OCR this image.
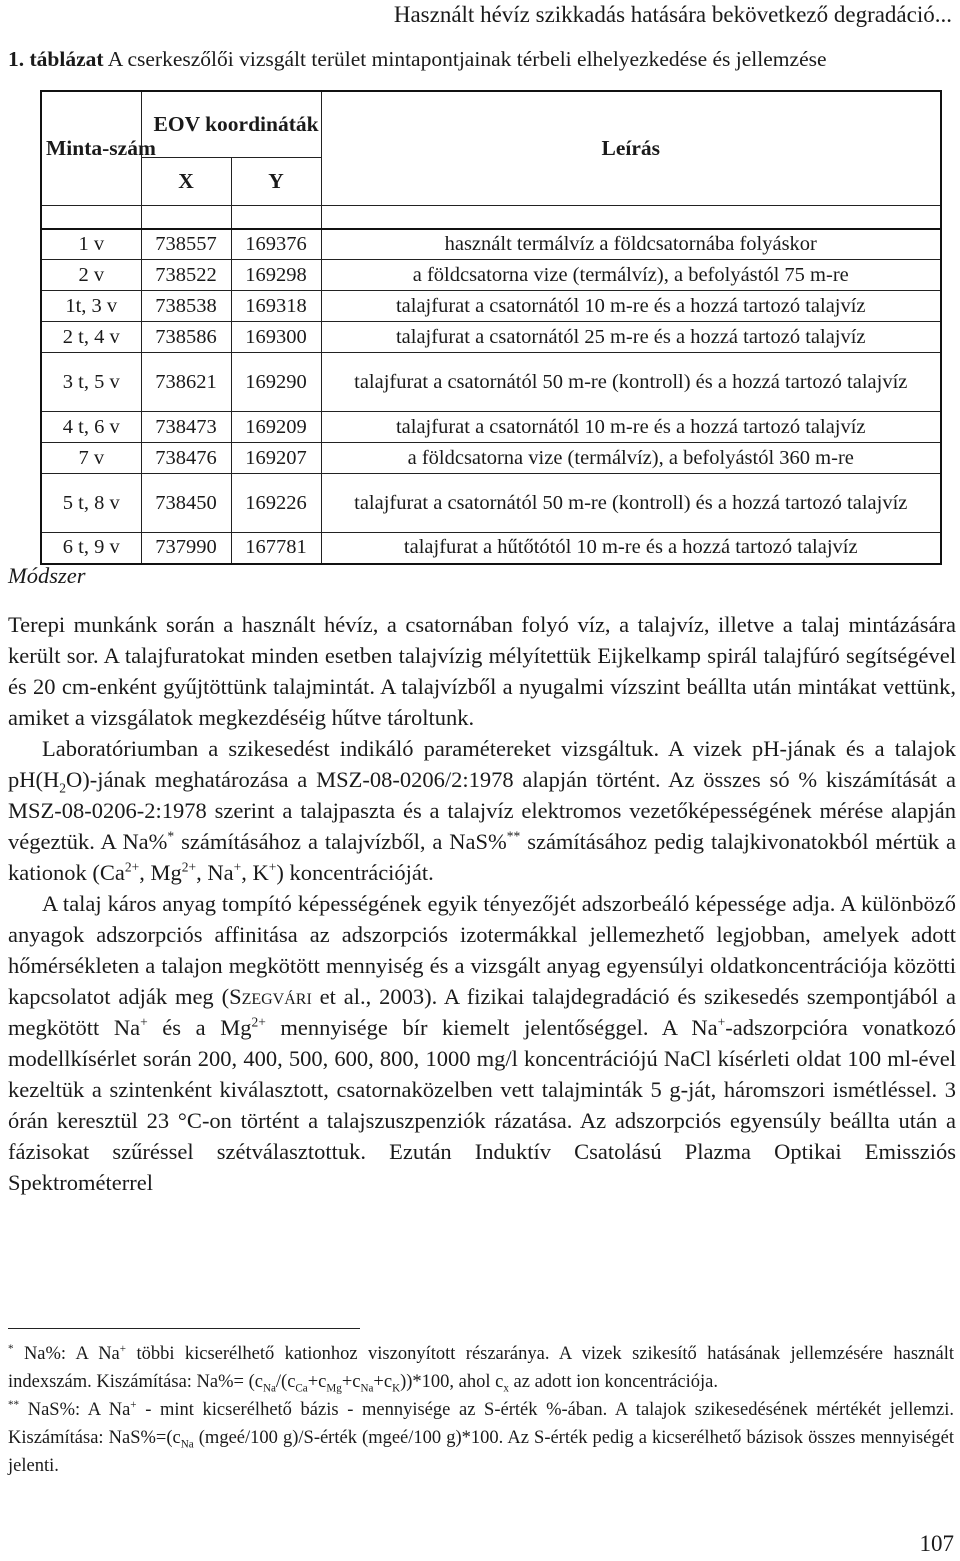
Használt hévíz szikkadás hatására bekövetkező degradáció...
1. táblázat A cserkeszőlői vizsgált terület mintapontjainak térbeli elhelyezkedése és jellemzése
Minta-szám	EOV koordináták		Leírás
	X	Y	

1 v	738557	169376	használt termálvíz a földcsatornába folyáskor
2 v	738522	169298	a földcsatorna vize (termálvíz), a befolyástól 75 m-re
1t, 3 v	738538	169318	talajfurat a csatornától 10 m-re és a hozzá tartozó talajvíz
2 t, 4 v	738586	169300	talajfurat a csatornától 25 m-re és a hozzá tartozó talajvíz
3 t, 5 v	738621	169290	talajfurat a csatornától 50 m-re (kontroll) és a hozzá tartozó talajvíz
4 t, 6 v	738473	169209	talajfurat a csatornától 10 m-re és a hozzá tartozó talajvíz
7 v	738476	169207	a földcsatorna vize (termálvíz), a befolyástól 360 m-re
5 t, 8 v	738450	169226	talajfurat a csatornától 50 m-re (kontroll) és a hozzá tartozó talajvíz
6 t, 9 v	737990	167781	talajfurat a hűtőtótól 10 m-re és a hozzá tartozó talajvíz
Módszer

Terepi munkánk során a használt hévíz, a csatornában folyó víz, a talajvíz, illetve a talaj mintázására került sor. A talajfuratokat minden esetben talajvízig mélyítettük Eijkelkamp spirál talajfúró segítségével és 20 cm-enként gyűjtöttünk talajmintát. A talajvízből a nyugalmi vízszint beállta után mintákat vettünk, amiket a vizsgálatok megkezdéséig hűtve tároltunk.

Laboratóriumban a szikesedést indikáló paramétereket vizsgáltuk. A vizek pH-jának és a talajok $pH(H_2O)$-jának meghatározása a MSZ-08-0206/2:1978 alapján történt. Az összes só % kiszámítását a MSZ-08-0206-2:1978 szerint a talajpaszta és a talajvíz elektromos vezetőképességének mérése alapján végeztük. A Na%* számításához a talajvízből, a NaS%** számításához pedig talajkivonatokból mértük a kationok ($Ca^{2+}$, $Mg^{2+}$, Na+, K+) koncentrációját.

A talaj káros anyag tompító képességének egyik tényezőjét adszorbeáló képessége adja. A különböző anyagok adszorpciós affinitása az adszorpciós izotermákkal jellemezhető legjobban, amelyek adott hőmérsékleten a talajon megkötött mennyiség és a vizsgált anyag egyensúlyi oldatkoncentrációja közötti kapcsolatot adják meg (Szegvári et al., 2003). A fizikai talajdegradáció és szikesedés szempontjából a megkötött Na+ és a $Mg^{2+}$ mennyisége bír kiemelt jelentőséggel. A Na+-adszorpcióra vonatkozó modellkísérlet során 200, 400, 500, 600, 800, 1000 mg/l koncentrációjú NaCl kísérleti oldat 100 ml-ével kezeltük a szintenként kiválasztott, csatornaközelben vett talajminták 5 g-ját, háromszori ismétléssel. 3 órán keresztül 23 °C-on történt a talajszuszpenziók rázatása. Az adszorpciós egyensúly beállta után a fázisokat szűréssel szétválasztottuk. Ezután Induktív Csatolású Plazma Optikai Emissziós Spektrométerrel

* Na%: A Na+ többi kicserélhető kationhoz viszonyított részaránya. A vizek szikesítő hatásának jellemzésére használt indexszám. Kiszámítása: $Na\%= (c_{Na}/(c_{Ca}+c_{Mg}+c_{Na}+c_K))*100$, ahol $c_x$ az adott ion koncentrációja.

** NaS%: A Na+ - mint kicserélhető bázis - mennyisége az S-érték %-ában. A talajok szikesedésének mértékét jellemzi. Kiszámítása: $NaS\%=(c_{Na}$ (mgeé/100 g)/S-érték (mgeé/100 g)*100. Az S-érték pedig a kicserélhető bázisok összes mennyiségét jelenti.

107
